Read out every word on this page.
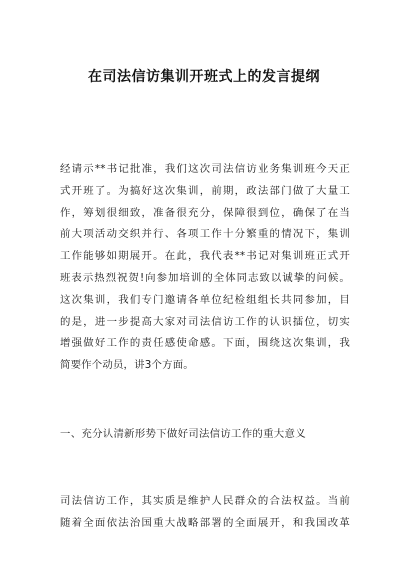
在司法信访集训开班式上的发言提纲
经请示**书记批准，我们这次司法信访业务集训班今天正
式开班了。为搞好这次集训，前期，政法部门做了大量工
作，筹划很细致，准备很充分，保障很到位，确保了在当
前大项活动交织并行、各项工作十分繁重的情况下，集训
工作能够如期展开。在此，我代表**书记对集训班正式开
班表示热烈祝贺!向参加培训的全体同志致以诚挚的问候。
这次集训，我们专门邀请各单位纪检组组长共同参加，目
的是，进一步提高大家对司法信访工作的认识擂位，切实
增强做好工作的责任感使命感。下面，围绕这次集训，我
简要作个动员，讲3个方面。
一、充分认清新形势下做好司法信访工作的重大意义
司法信访工作，其实质是维护人民群众的合法权益。当前
随着全面依法治国重大战略部署的全面展开，和我国改革
